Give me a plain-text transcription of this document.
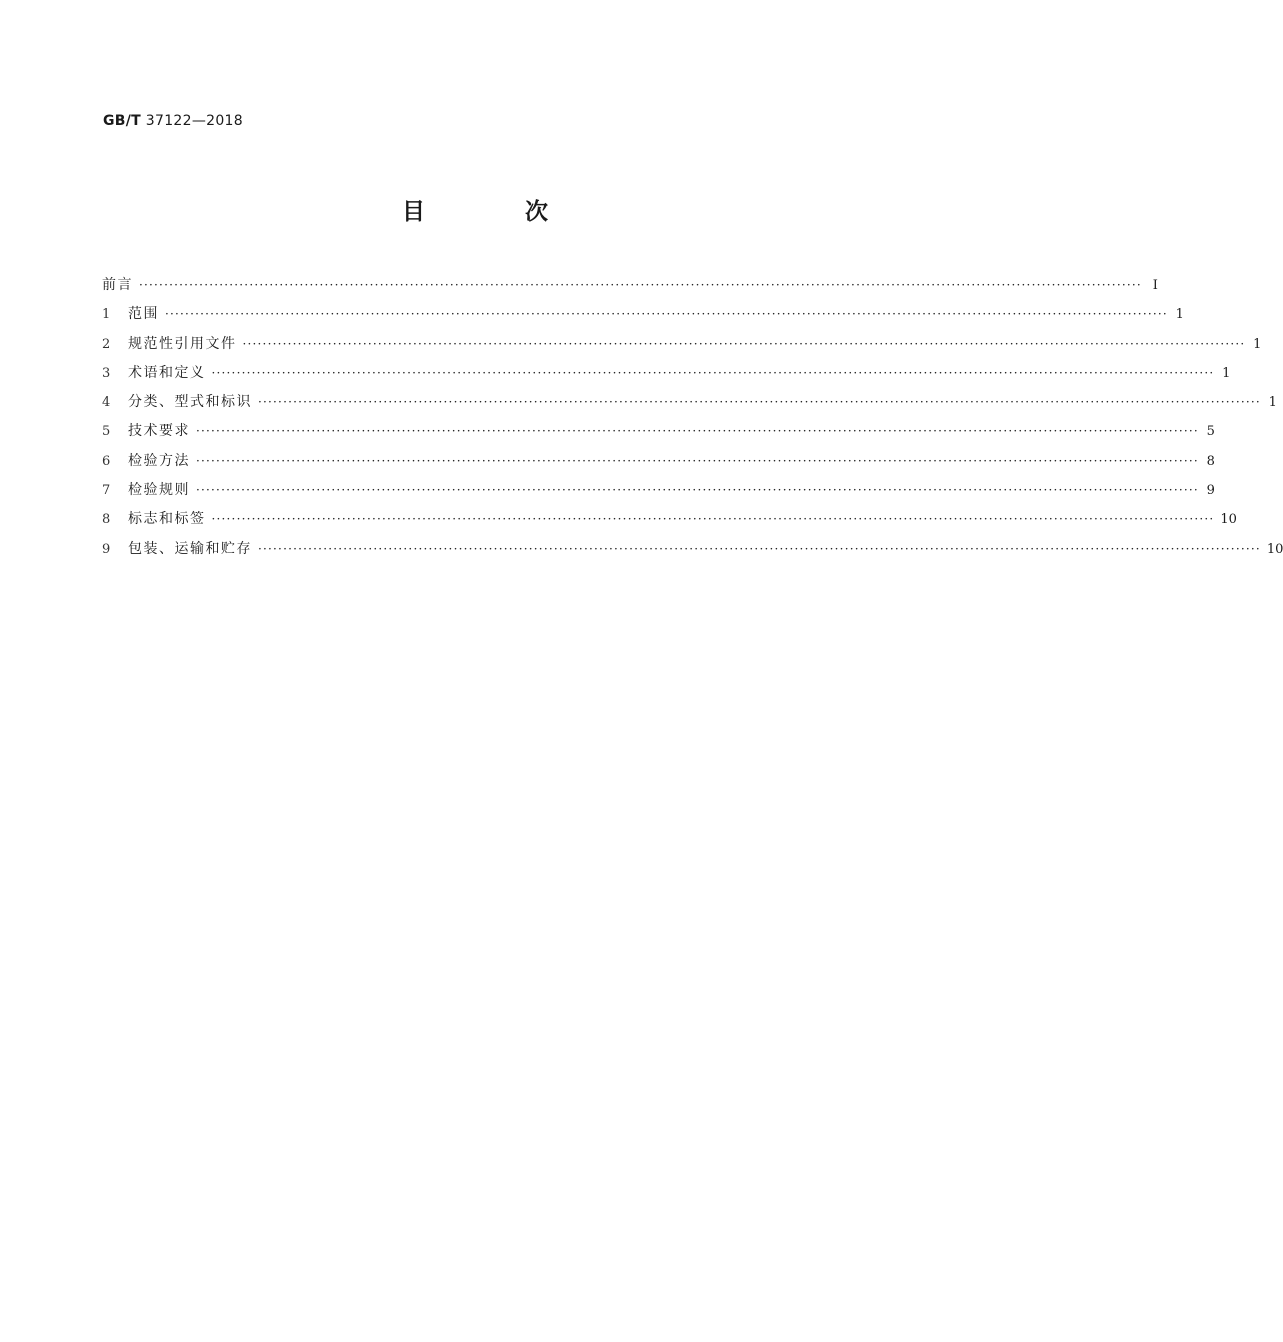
GB/T 37122—2018
目 次
前言 ········································································································································································································ Ⅰ
1	范围 ········································································································································································································ 1
2	规范性引用文件 ········································································································································································································ 1
3	术语和定义 ········································································································································································································ 1
4	分类、型式和标识 ········································································································································································································ 1
5	技术要求 ········································································································································································································ 5
6	检验方法 ········································································································································································································ 8
7	检验规则 ········································································································································································································ 9
8	标志和标签 ········································································································································································································ 10
9	包装、运输和贮存 ········································································································································································································ 10
